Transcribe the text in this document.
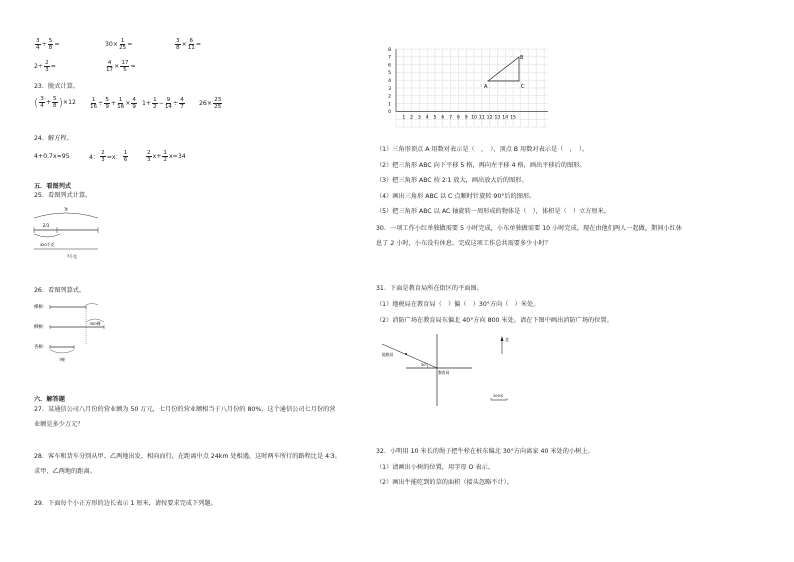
$\frac{3}{4} \div \frac{5}{8}$ =	$30\times \frac{1}{25}$ =	$\frac{3}{8} \times \frac{6}{11}$ =
$2\div \frac{2}{3}$ =	$\frac{4}{17} \times \frac{17}{5}$ =
23．脱式计算。
( $\frac{3}{4} + \frac{5}{8}$ ) ×12	$\frac{1}{16} \div \frac{5}{9} + \frac{1}{16} \times \frac{4}{9} 1+ \frac{1}{2} - \frac{9}{14} \div \frac{4}{7} 26\times \frac{23}{25}$
24．解方程。
4+0.7x=95	4： $\frac{2}{3} =x$： $\frac{1}{6}$	$\frac{2}{3} x+ \frac{1}{2} x=34$
五．看图列式
25．看图列式计算。
?t
2/3
420千克
?千克
26．看图列算式。
梯树：
柳树：
300棵
杏树：
?棵
六．解答题
27．某通信公司八月份的营业额为 50 万元，七月份的营业额相当于八月份的 80%，这个通信公司七月份的营
业额是多少万元？
28．客车和货车分别从甲、乙两地出发，相向而行，在距离中点 24km 处相遇，这时两车所行的路程比是 4∶3。
求甲、乙两地的距离。
29．下面每个小正方形的边长表示 1 厘米，请按要求完成下列题。
8
7
6
5
4
3
2
1
0
1 2 3 4 5 6 7 8 9 10 11 12 13 14 15
A
B
C
（1）三角形顶点 A 用数对表示是（　，　），顶点 B 用数对表示是（　，　）。
（2）把三角形 ABC 向下平移 5 格，再向左平移 4 格，画出平移后的图形。
（3）把三角形 ABC 按 2∶1 放大，画出放大后的图形。
（4）画出三角形 ABC 以 C 点顺时针旋转 90°后的图形。
（5）把三角形 ABC 以 AC 轴旋转一周形成的物体是（　），体积是（　）立方厘米。
30．一项工作小红单独做需要 5 小时完成，小东单独做需要 10 小时完成。现在由他们两人一起做，期间小红休
息了 2 小时，小东没有休息。完成这项工作总共需要多少小时？
31．下面是教育局所在街区的平面图。
（1）地税局在教育局（　）偏（　）30°方向（　）米处。
（2）消防广场在教育局东偏北 40°方向 800 米处。请在下图中画出消防广场的位置。
地税局
30
教育局
北
200米
32．小明用 10 米长的绳子把牛栓在桩东偏北 30°方向离家 40 米处的小树上。
（1）请画出小树的位置，用字母 O 表示。
（2）画出牛能吃到的草的面积（接头忽略不计）。
